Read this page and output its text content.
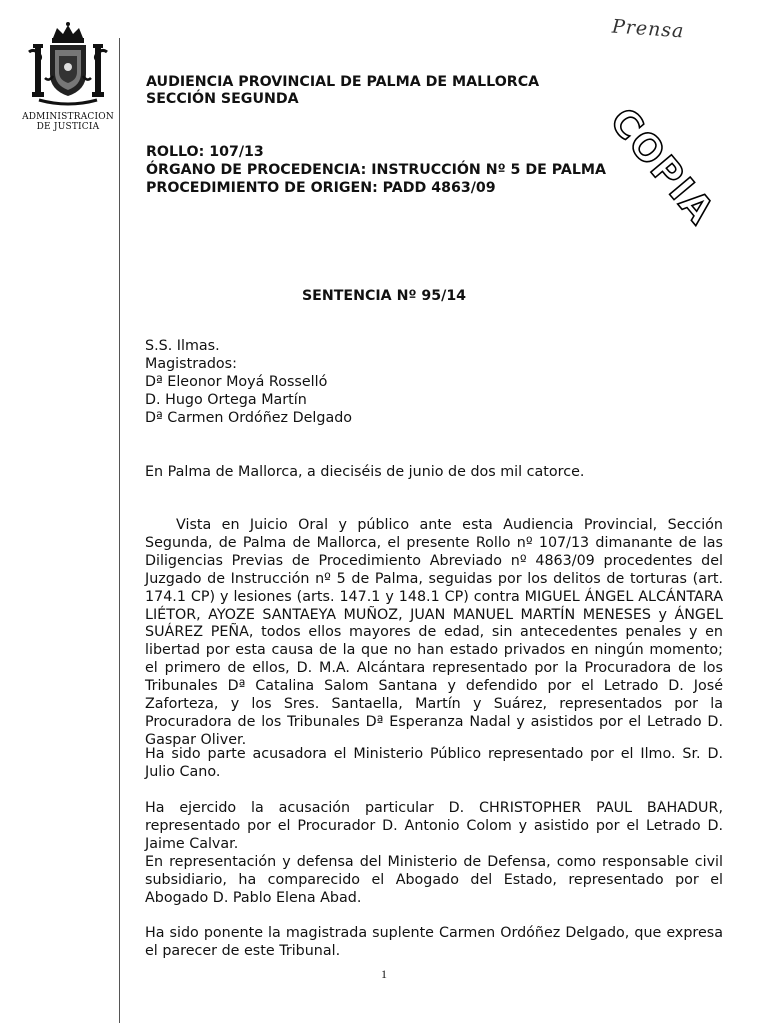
ADMINISTRACION
DE JUSTICIA
Prensa
COPIA
AUDIENCIA PROVINCIAL DE PALMA DE MALLORCA
SECCIÓN SEGUNDA
ROLLO: 107/13
ÓRGANO DE PROCEDENCIA: INSTRUCCIÓN Nº 5 DE PALMA
PROCEDIMIENTO DE ORIGEN: PADD 4863/09
SENTENCIA Nº 95/14
S.S. Ilmas.
Magistrados:
Dª Eleonor Moyá Rosselló
D. Hugo Ortega Martín
Dª Carmen Ordóñez Delgado
En Palma de Mallorca, a dieciséis de junio de dos mil catorce.
Vista en Juicio Oral y público ante esta Audiencia Provincial, Sección Segunda, de Palma de Mallorca, el presente Rollo nº 107/13 dimanante de las Diligencias Previas de Procedimiento Abreviado nº 4863/09 procedentes del Juzgado de Instrucción nº 5 de Palma, seguidas por los delitos de torturas (art. 174.1 CP) y lesiones (arts. 147.1 y 148.1 CP) contra MIGUEL ÁNGEL ALCÁNTARA LIÉTOR, AYOZE SANTAEYA MUÑOZ, JUAN MANUEL MARTÍN MENESES y ÁNGEL SUÁREZ PEÑA, todos ellos mayores de edad, sin antecedentes penales y en libertad por esta causa de la que no han estado privados en ningún momento; el primero de ellos, D. M.A. Alcántara representado por la Procuradora de los Tribunales Dª Catalina Salom Santana y defendido por el Letrado D. José Zaforteza, y los Sres. Santaella, Martín y Suárez, representados por la Procuradora de los Tribunales Dª Esperanza Nadal y asistidos por el Letrado D. Gaspar Oliver.
Ha sido parte acusadora el Ministerio Público representado por el Ilmo. Sr. D. Julio Cano.
Ha ejercido la acusación particular D. CHRISTOPHER PAUL BAHADUR, representado por el Procurador D. Antonio Colom y asistido por el Letrado D. Jaime Calvar.
En representación y defensa del Ministerio de Defensa, como responsable civil subsidiario, ha comparecido el Abogado del Estado, representado por el Abogado D. Pablo Elena Abad.
Ha sido ponente la magistrada suplente Carmen Ordóñez Delgado, que expresa el parecer de este Tribunal.
1
